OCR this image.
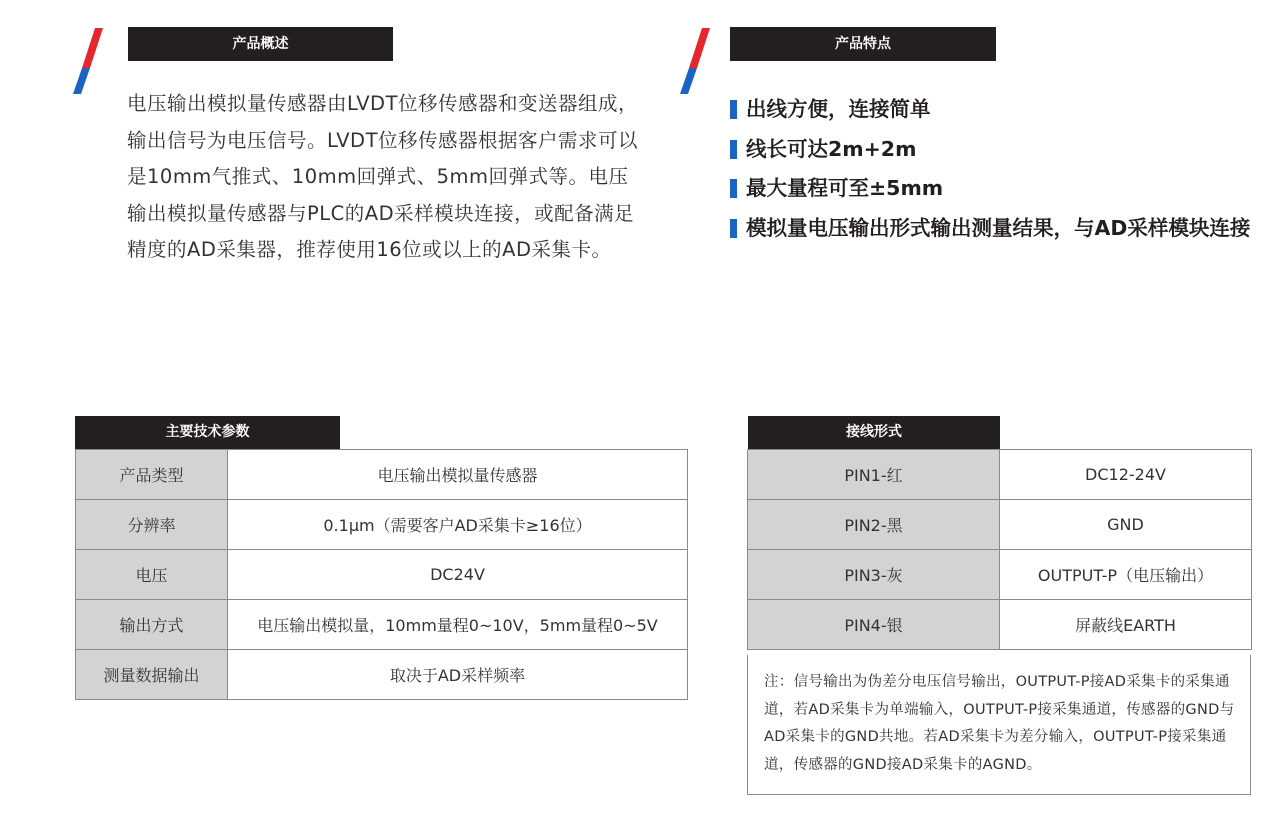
产品概述

电压输出模拟量传感器由LVDT位移传感器和变送器组成，输出信号为电压信号。LVDT位移传感器根据客户需求可以是10mm气推式、10mm回弹式、5mm回弹式等。电压输出模拟量传感器与PLC的AD采样模块连接，或配备满足精度的AD采集器，推荐使用16位或以上的AD采集卡。

产品特点
出线方便，连接简单
线长可达2m+2m
最大量程可至±5mm
模拟量电压输出形式输出测量结果，与AD采样模块连接
主要技术参数
产品类型	电压输出模拟量传感器
分辨率	0.1μm（需要客户AD采集卡≥16位）
电压	DC24V
输出方式	电压输出模拟量，10mm量程0~10V，5mm量程0~5V
测量数据输出	取决于AD采样频率
接线形式
PIN1-红	DC12-24V
PIN2-黑	GND
PIN3-灰	OUTPUT-P（电压输出）
PIN4-银	屏蔽线EARTH
注：信号输出为伪差分电压信号输出，OUTPUT-P接AD采集卡的采集通道，若AD采集卡为单端输入，OUTPUT-P接采集通道，传感器的GND与AD采集卡的GND共地。若AD采集卡为差分输入，OUTPUT-P接采集通道，传感器的GND接AD采集卡的AGND。
